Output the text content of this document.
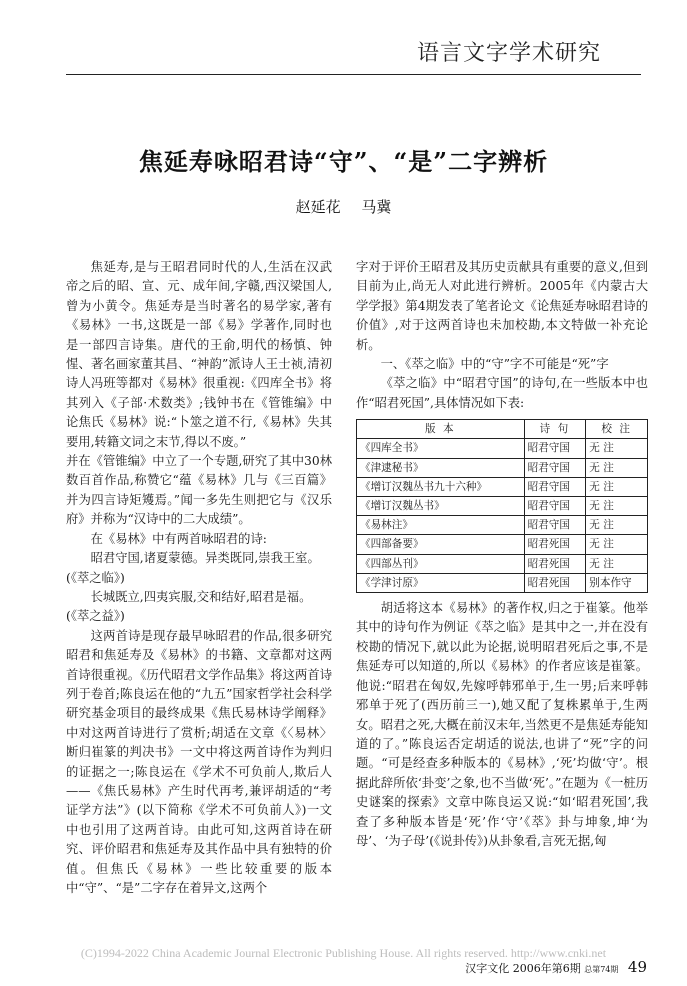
语言文字学术研究
焦延寿咏昭君诗“守”、“是”二字辨析
赵延花 马冀

焦延寿,是与王昭君同时代的人,生活在汉武帝之后的昭、宣、元、成年间,字赣,西汉梁国人,曾为小黄令。焦延寿是当时著名的易学家,著有《易林》一书,这既是一部《易》学著作,同时也是一部四言诗集。唐代的王俞,明代的杨慎、钟惺、著名画家董其昌、“神韵”派诗人王士祯,清初诗人冯班等都对《易林》很重视:《四库全书》将其列入《子部·术数类》;钱钟书在《管锥编》中论焦氏《易林》说:“卜筮之道不行,《易林》失其要用,转籍文词之末节,得以不废。”

并在《管锥编》中立了一个专题,研究了其中30林数百首作品,称赞它“蕴《易林》几与《三百篇》并为四言诗矩矱焉。”闻一多先生则把它与《汉乐府》并称为“汉诗中的二大成绩”。

在《易林》中有两首咏昭君的诗:

昭君守国,诸夏蒙德。异类既同,崇我王室。

(《萃之临》)

长城既立,四夷宾服,交和结好,昭君是福。

(《萃之益》)

这两首诗是现存最早咏昭君的作品,很多研究昭君和焦延寿及《易林》的书籍、文章都对这两首诗很重视。《历代昭君文学作品集》将这两首诗列于卷首;陈良运在他的“九五”国家哲学社会科学研究基金项目的最终成果《焦氏易林诗学阐释》中对这两首诗进行了赏析;胡适在文章《〈易林〉断归崔篆的判决书》一文中将这两首诗作为判归的证据之一;陈良运在《学术不可负前人,欺后人——《焦氏易林》产生时代再考,兼评胡适的“考证学方法”》(以下简称《学术不可负前人》)一文中也引用了这两首诗。由此可知,这两首诗在研究、评价昭君和焦延寿及其作品中具有独特的价值。但焦氏《易林》一些比较重要的版本中“守”、“是”二字存在着异文,这两个

字对于评价王昭君及其历史贡献具有重要的意义,但到目前为止,尚无人对此进行辨析。2005年《内蒙古大学学报》第4期发表了笔者论文《论焦延寿咏昭君诗的价值》,对于这两首诗也未加校勘,本文特做一补充论析。

一、《萃之临》中的“守”字不可能是“死”字

《萃之临》中“昭君守国”的诗句,在一些版本中也作“昭君死国”,具体情况如下表:

版 本	诗 句	校 注
《四库全书》	昭君守国	无 注
《津逮秘书》	昭君守国	无 注
《增订汉魏丛书九十六种》	昭君守国	无 注
《增订汉魏丛书》	昭君守国	无 注
《易林注》	昭君守国	无 注
《四部备要》	昭君死国	无 注
《四部丛刊》	昭君死国	无 注
《学津讨原》	昭君死国	别本作守

胡适将这本《易林》的著作权,归之于崔篆。他举其中的诗句作为例证《萃之临》是其中之一,并在没有校勘的情况下,就以此为论据,说明昭君死后之事,不是焦延寿可以知道的,所以《易林》的作者应该是崔篆。他说:“昭君在匈奴,先嫁呼韩邪单于,生一男;后来呼韩邪单于死了(西历前三一),她又配了复株累单于,生两女。昭君之死,大概在前汉末年,当然更不是焦延寿能知道的了。”陈良运否定胡适的说法,也讲了“死”字的问题。“可是经查多种版本的《易林》,‘死’均做‘守’。根据此辞所依‘卦变’之象,也不当做‘死’。”在题为《一桩历史谜案的探索》文章中陈良运又说:“如‘昭君死国’,我查了多种版本皆是‘死’作‘守’《萃》卦与坤象,坤‘为母’、‘为子母’(《说卦传》)从卦象看,言死无据,匈

(C)1994-2022 China Academic Journal Electronic Publishing House. All rights reserved. http://www.cnki.net
汉字文化 2006年第6期 总第74期 49
